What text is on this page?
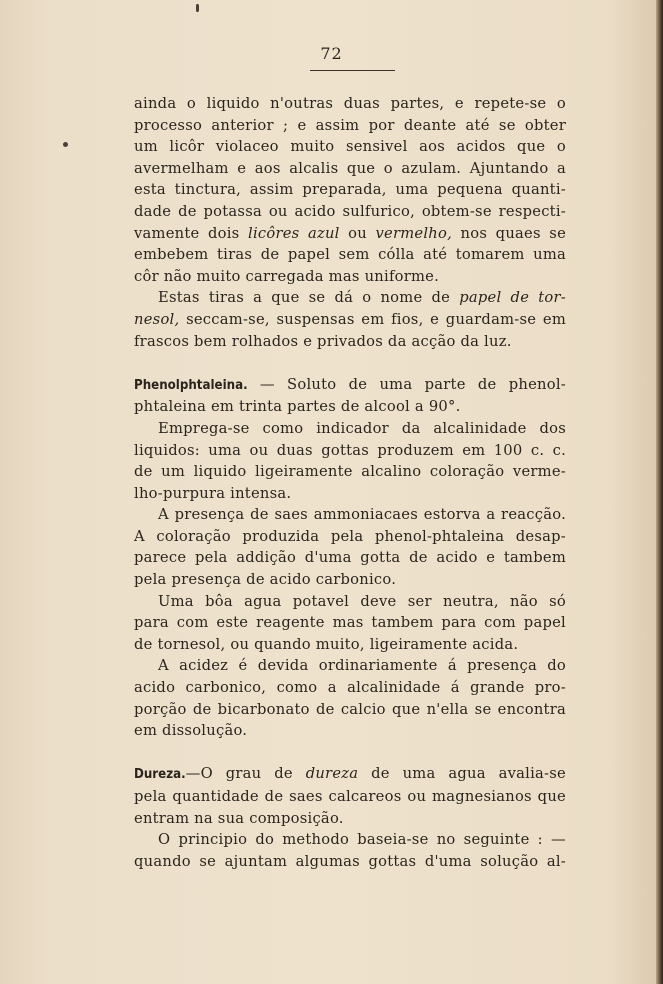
72

ainda o liquido n'outras duas partes, e repete-se o
processo anterior ; e assim por deante até se obter
um licôr violaceo muito sensivel aos acidos que o
avermelham e aos alcalis que o azulam. Ajuntando a
esta tinctura, assim preparada, uma pequena quanti-
dade de potassa ou acido sulfurico, obtem-se respecti-
vamente dois licôres azul ou vermelho, nos quaes se
embebem tiras de papel sem cólla até tomarem uma
côr não muito carregada mas uniforme.

Estas tiras a que se dá o nome de papel de tor-
nesol, seccam-se, suspensas em fios, e guardam-se em
frascos bem rolhados e privados da acção da luz.

Phenolphtaleina. — Soluto de uma parte de phenol-
phtaleina em trinta partes de alcool a 90°.

Emprega-se como indicador da alcalinidade dos
liquidos: uma ou duas gottas produzem em 100 c. c.
de um liquido ligeiramente alcalino coloração verme-
lho-purpura intensa.

A presença de saes ammoniacaes estorva a reacção.
A coloração produzida pela phenol-phtaleina desap-
parece pela addição d'uma gotta de acido e tambem
pela presença de acido carbonico.

Uma bôa agua potavel deve ser neutra, não só
para com este reagente mas tambem para com papel
de tornesol, ou quando muito, ligeiramente acida.

A acidez é devida ordinariamente á presença do
acido carbonico, como a alcalinidade á grande pro-
porção de bicarbonato de calcio que n'ella se encontra
em dissolução.

Dureza.—O grau de dureza de uma agua avalia-se
pela quantidade de saes calcareos ou magnesianos que
entram na sua composição.

O principio do methodo baseia-se no seguinte : —
quando se ajuntam algumas gottas d'uma solução al-
